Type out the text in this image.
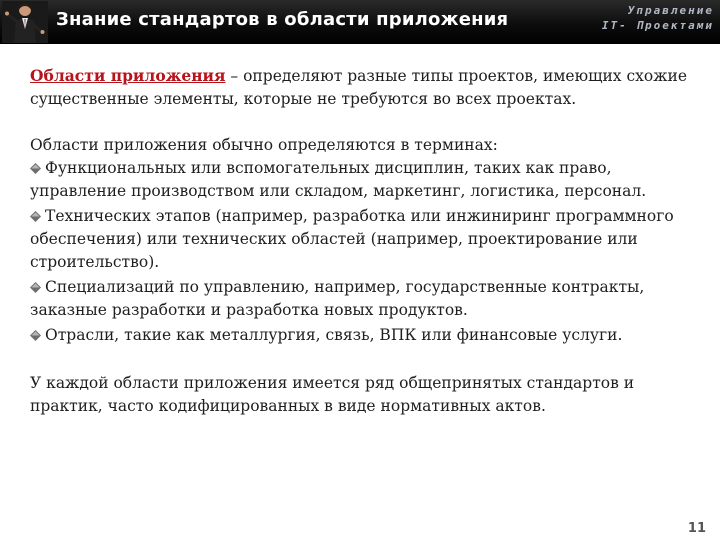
Знание стандартов в области приложения	Управление
IT- Проектами

Области приложения – определяют разные типы проектов, имеющих схожие существенные элементы, которые не требуются во всех проектах.

Области приложения обычно определяются в терминах:

Функциональных или вспомогательных дисциплин, таких как право, управление производством или складом, маркетинг, логистика, персонал.

Технических этапов (например, разработка или инжиниринг программного обеспечения) или технических областей (например, проектирование или строительство).

Специализаций по управлению, например, государственные контракты, заказные разработки и разработка новых продуктов.

Отрасли, такие как металлургия, связь, ВПК или финансовые услуги.

У каждой области приложения имеется ряд общепринятых стандартов и практик, часто кодифицированных в виде нормативных актов.

11
